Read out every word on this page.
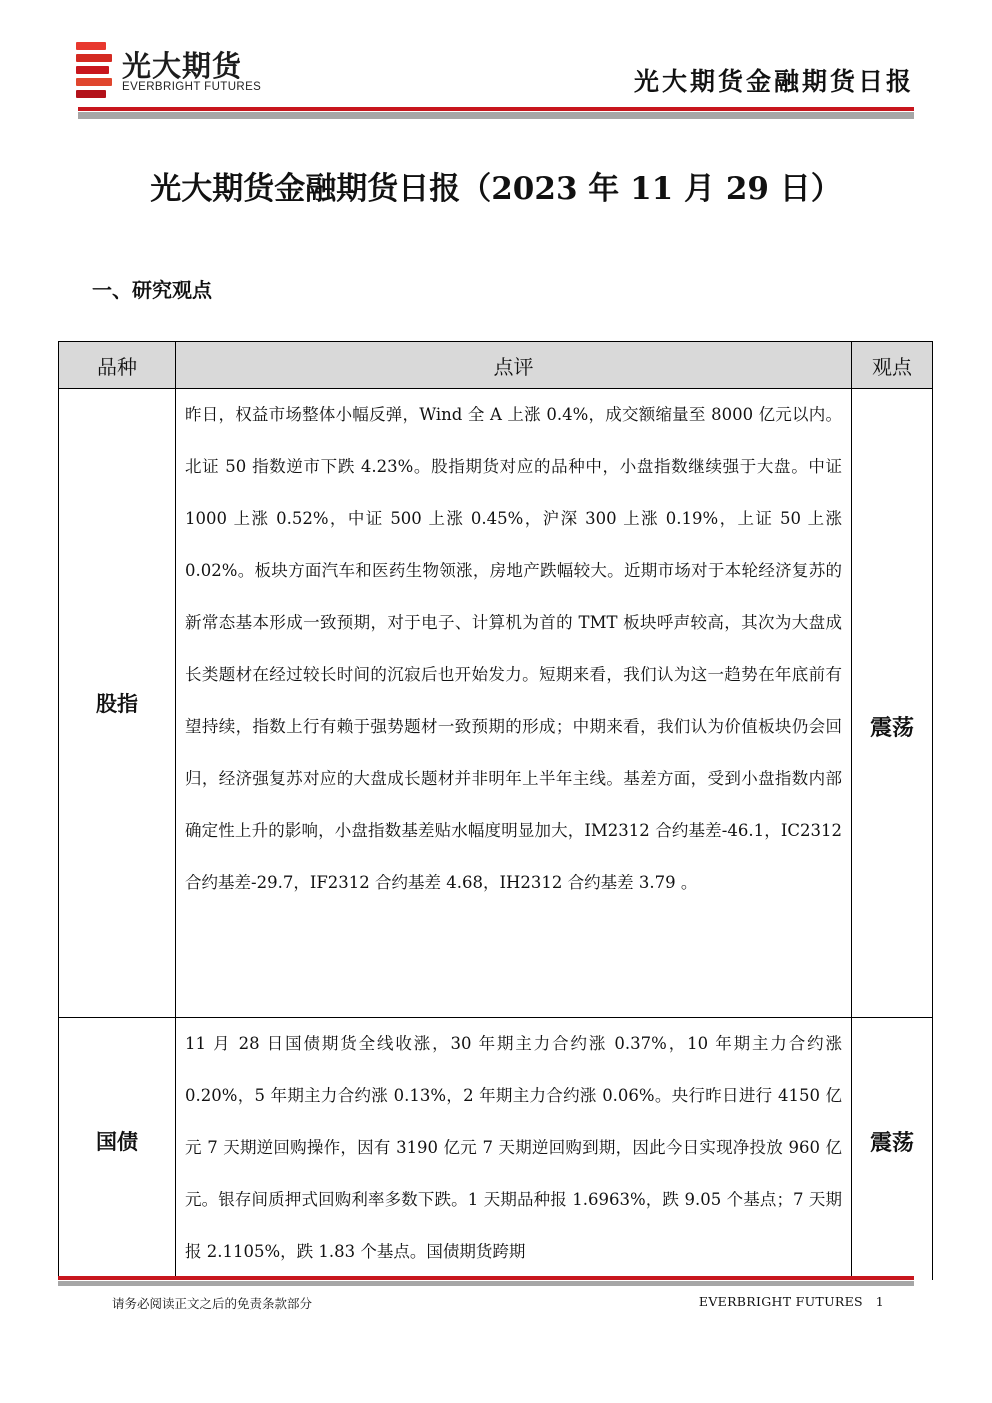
光大期货
EVERBRIGHT FUTURES	光大期货金融期货日报
光大期货金融期货日报（2023 年 11 月 29 日）
一、研究观点
品种	点评	观点
股指	昨日，权益市场整体小幅反弹，Wind 全 A 上涨 0.4%，成交额缩量至 8000 亿元以内。北证 50 指数逆市下跌 4.23%。股指期货对应的品种中，小盘指数继续强于大盘。中证 1000 上涨 0.52%，中证 500 上涨 0.45%，沪深 300 上涨 0.19%，上证 50 上涨 0.02%。板块方面汽车和医药生物领涨，房地产跌幅较大。近期市场对于本轮经济复苏的新常态基本形成一致预期，对于电子、计算机为首的 TMT 板块呼声较高，其次为大盘成长类题材在经过较长时间的沉寂后也开始发力。短期来看，我们认为这一趋势在年底前有望持续，指数上行有赖于强势题材一致预期的形成；中期来看，我们认为价值板块仍会回归，经济强复苏对应的大盘成长题材并非明年上半年主线。基差方面，受到小盘指数内部确定性上升的影响，小盘指数基差贴水幅度明显加大，IM2312 合约基差-46.1，IC2312 合约基差-29.7，IF2312 合约基差 4.68，IH2312 合约基差 3.79 。	震荡
国债	11 月 28 日国债期货全线收涨，30 年期主力合约涨 0.37%，10 年期主力合约涨 0.20%，5 年期主力合约涨 0.13%，2 年期主力合约涨 0.06%。央行昨日进行 4150 亿元 7 天期逆回购操作，因有 3190 亿元 7 天期逆回购到期，因此今日实现净投放 960 亿元。银存间质押式回购利率多数下跌。1 天期品种报 1.6963%，跌 9.05 个基点；7 天期报 2.1105%，跌 1.83 个基点。国债期货跨期	震荡
请务必阅读正文之后的免责条款部分	EVERBRIGHT FUTURES 1
